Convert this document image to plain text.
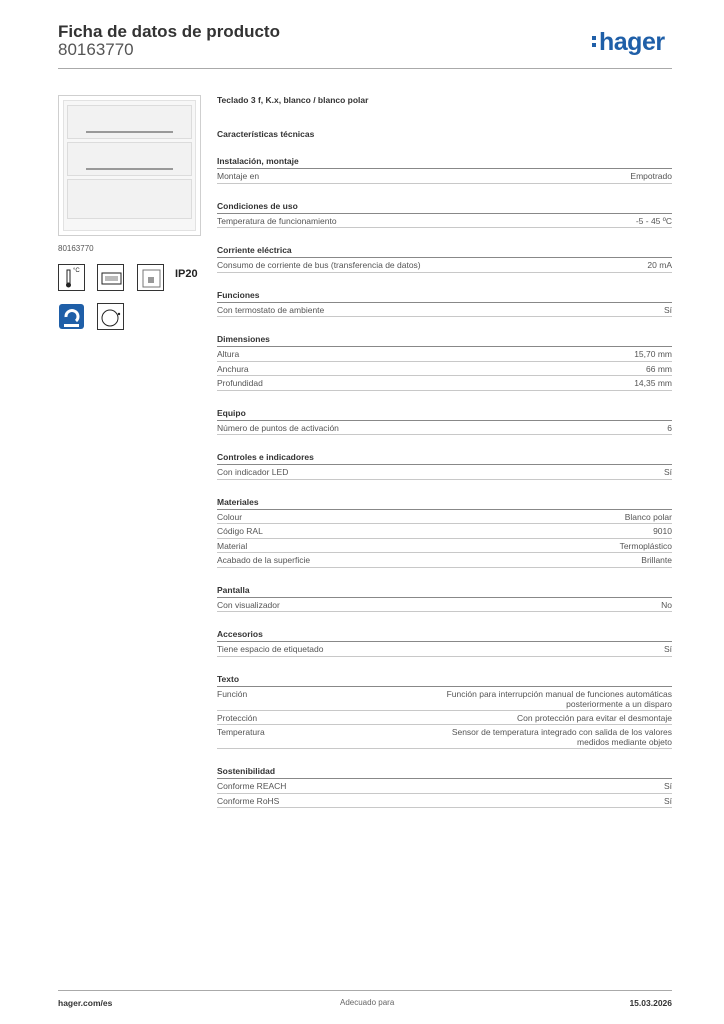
Ficha de datos de producto
80163770	hager
80163770
°C	IP20
Teclado 3 f, K.x, blanco / blanco polar
Características técnicas
Instalación, montaje
Montaje en	Empotrado
Condiciones de uso
Temperatura de funcionamiento	-5 - 45 ºC
Corriente eléctrica
Consumo de corriente de bus (transferencia de datos)	20 mA
Funciones
Con termostato de ambiente	Sí
Dimensiones
Altura	15,70 mm
Anchura	66 mm
Profundidad	14,35 mm
Equipo
Número de puntos de activación	6
Controles e indicadores
Con indicador LED	Sí
Materiales
Colour	Blanco polar
Código RAL	9010
Material	Termoplástico
Acabado de la superficie	Brillante
Pantalla
Con visualizador	No
Accesorios
Tiene espacio de etiquetado	Sí
Texto
Función	Función para interrupción manual de funciones automáticas posteriormente a un disparo
Protección	Con protección para evitar el desmontaje
Temperatura	Sensor de temperatura integrado con salida de los valores medidos mediante objeto
Sostenibilidad
Conforme REACH	Sí
Conforme RoHS	Sí
hager.com/es	Adecuado para	15.03.2026
